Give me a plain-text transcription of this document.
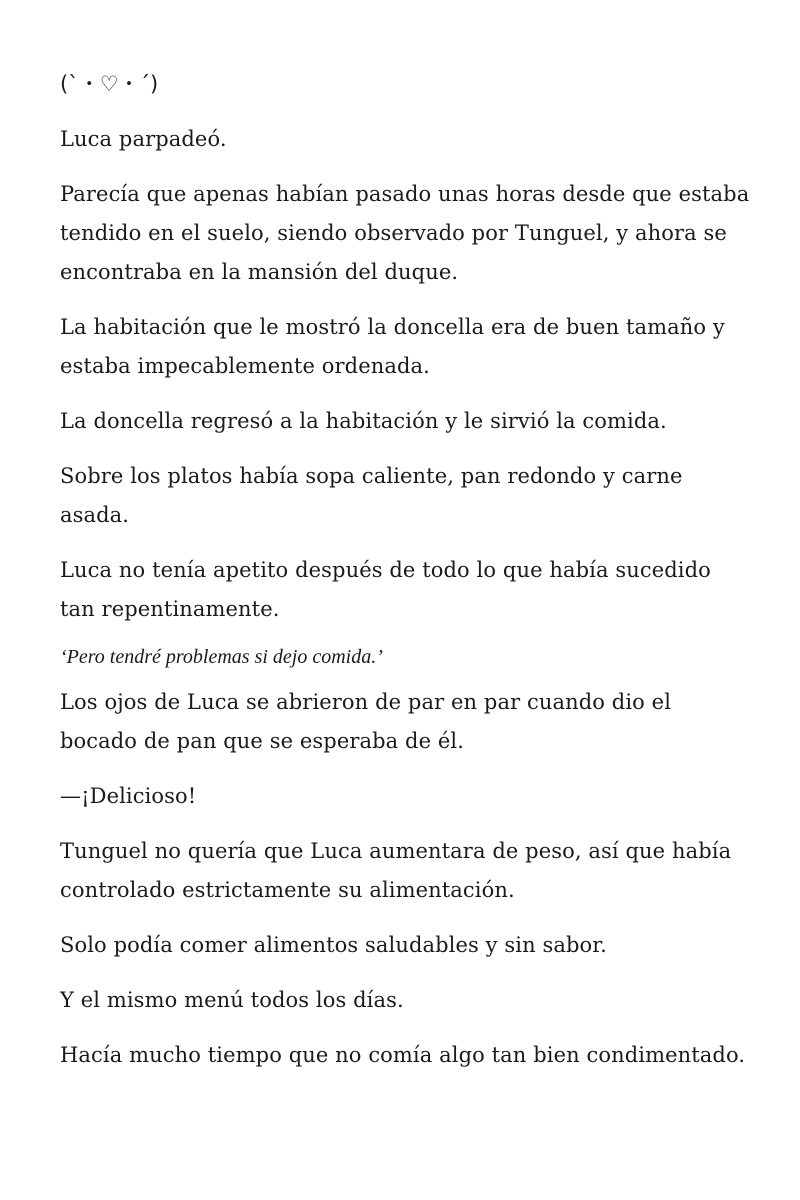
(`・♡・´)

Luca parpadeó.

Parecía que apenas habían pasado unas horas desde que estaba tendido en el suelo, siendo observado por Tunguel, y ahora se encontraba en la mansión del duque.

La habitación que le mostró la doncella era de buen tamaño y estaba impecablemente ordenada.

La doncella regresó a la habitación y le sirvió la comida.

Sobre los platos había sopa caliente, pan redondo y carne asada.

Luca no tenía apetito después de todo lo que había sucedido tan repentinamente.

‘Pero tendré problemas si dejo comida.’

Los ojos de Luca se abrieron de par en par cuando dio el bocado de pan que se esperaba de él.

—¡Delicioso!

Tunguel no quería que Luca aumentara de peso, así que había controlado estrictamente su alimentación.

Solo podía comer alimentos saludables y sin sabor.

Y el mismo menú todos los días.

Hacía mucho tiempo que no comía algo tan bien condimentado.
